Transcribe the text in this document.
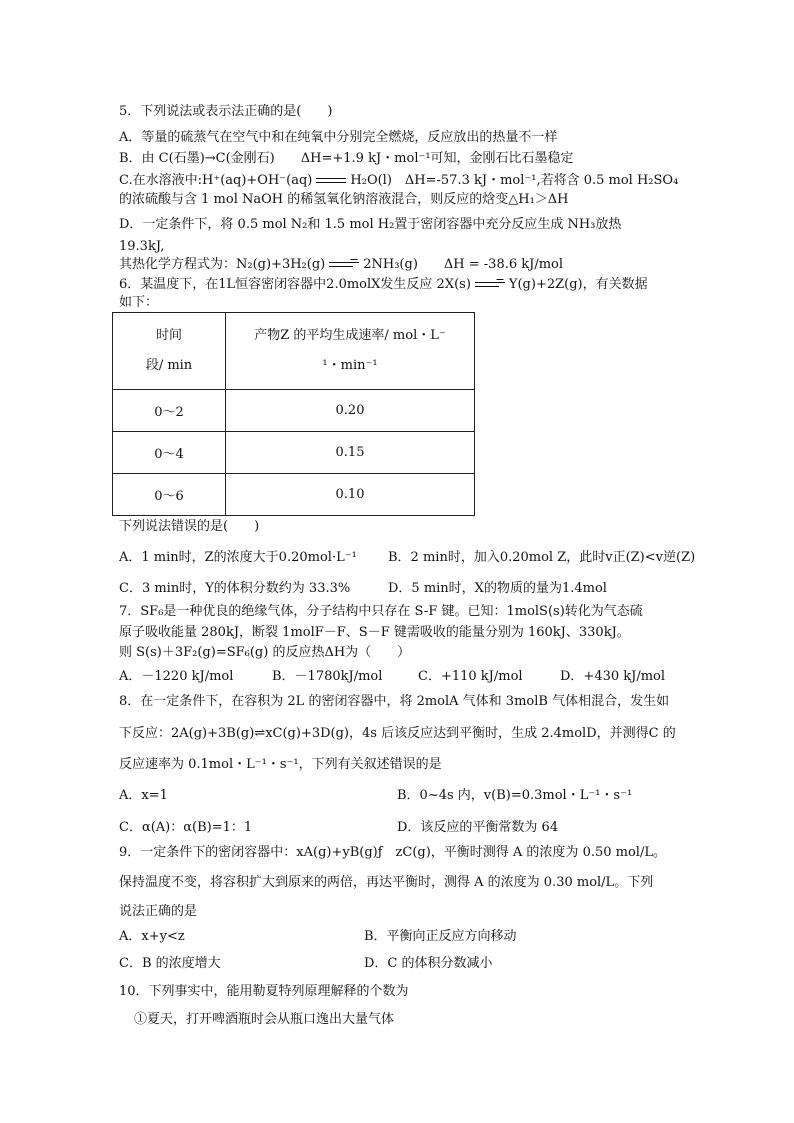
5．下列说法或表示法正确的是(　　)
A．等量的硫蒸气在空气中和在纯氧中分别完全燃烧，反应放出的热量不一样
B．由 C(石墨)→C(金刚石)　　ΔH=+1.9 kJ・mol⁻¹可知，金刚石比石墨稳定
C.在水溶液中:H⁺(aq)+OH⁻(aq)	H₂O(l)　ΔH=-57.3 kJ・mol⁻¹,若将含 0.5 mol H₂SO₄
的浓硫酸与含 1 mol NaOH 的稀氢氧化钠溶液混合，则反应的焓变△H₁＞ΔH
D．一定条件下，将 0.5 mol N₂和 1.5 mol H₂置于密闭容器中充分反应生成 NH₃放热
19.3kJ,
其热化学方程式为：N₂(g)+3H₂(g) → 2NH₃(g)　　ΔH = -38.6 kJ/mol
6．某温度下，在1L恒容密闭容器中2.0molX发生反应 2X(s) → Y(g)+2Z(g)，有关数据
如下：
时间
段/ min	产物Z 的平均生成速率/ mol・L⁻
¹・min⁻¹

0～2	0.20
0～4	0.15
0～6	0.10
下列说法错误的是(　　)
A．1 min时，Z的浓度大于0.20mol·L⁻¹ B．2 min时，加入0.20mol Z，此时v正(Z)<v逆(Z)
C．3 min时，Y的体积分数约为 33.3%	D．5 min时，X的物质的量为1.4mol
7．SF₆是一种优良的绝缘气体，分子结构中只存在 S-F 键。已知：1molS(s)转化为气态硫
原子吸收能量 280kJ，断裂 1molF－F、S－F 键需吸收的能量分别为 160kJ、330kJ。
则 S(s)＋3F₂(g)=SF₆(g) 的反应热ΔH为（　　）
A．－1220 kJ/mol	B．－1780kJ/mol	C．+110 kJ/mol	D．+430 kJ/mol
8．在一定条件下，在容积为 2L 的密闭容器中，将 2molA 气体和 3molB 气体相混合，发生如
下反应：2A(g)+3B(g)⇌xC(g)+3D(g)，4s 后该反应达到平衡时，生成 2.4molD，并测得C 的
反应速率为 0.1mol・L⁻¹・s⁻¹，下列有关叙述错误的是
A．x=1	B．0~4s 内，v(B)=0.3mol・L⁻¹・s⁻¹
C．α(A)：α(B)=1：1	D．该反应的平衡常数为 64
9．一定条件下的密闭容器中：xA(g)+yB(g)ƒ　zC(g)，平衡时测得 A 的浓度为 0.50 mol/L。
保持温度不变，将容积扩大到原来的两倍，再达平衡时，测得 A 的浓度为 0.30 mol/L。下列
说法正确的是
A．x+y<z	B．平衡向正反应方向移动
C．B 的浓度增大	D．C 的体积分数减小
10．下列事实中，能用勒夏特列原理解释的个数为
①夏天，打开啤酒瓶时会从瓶口逸出大量气体
